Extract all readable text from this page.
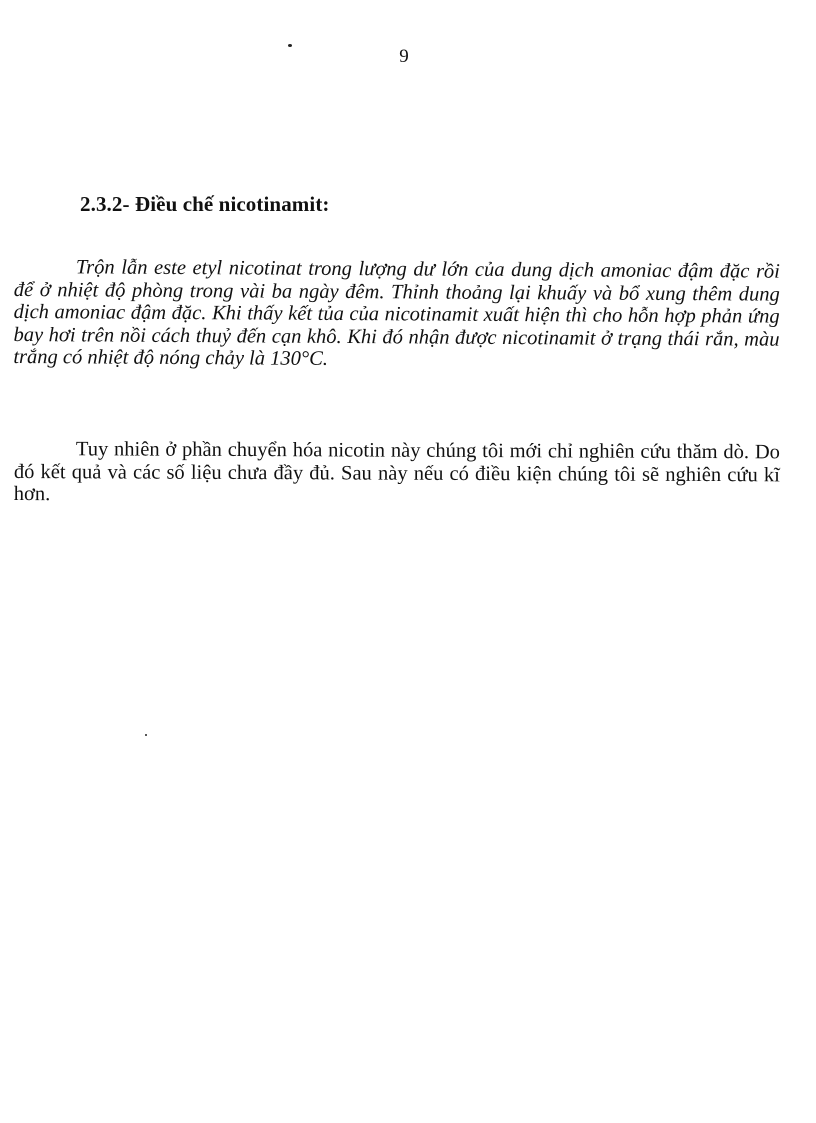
9
2.3.2- Điều chế nicotinamit:

Trộn lẫn este etyl nicotinat trong lượng dư lớn của dung dịch amoniac đậm đặc rồi để ở nhiệt độ phòng trong vài ba ngày đêm. Thỉnh thoảng lại khuấy và bổ xung thêm dung dịch amoniac đậm đặc. Khi thấy kết tủa của nicotinamit xuất hiện thì cho hỗn hợp phản ứng bay hơi trên nồi cách thuỷ đến cạn khô. Khi đó nhận được nicotinamit ở trạng thái rắn, màu trắng có nhiệt độ nóng chảy là 130°C.

Tuy nhiên ở phần chuyển hóa nicotin này chúng tôi mới chỉ nghiên cứu thăm dò. Do đó kết quả và các số liệu chưa đầy đủ. Sau này nếu có điều kiện chúng tôi sẽ nghiên cứu kĩ hơn.
